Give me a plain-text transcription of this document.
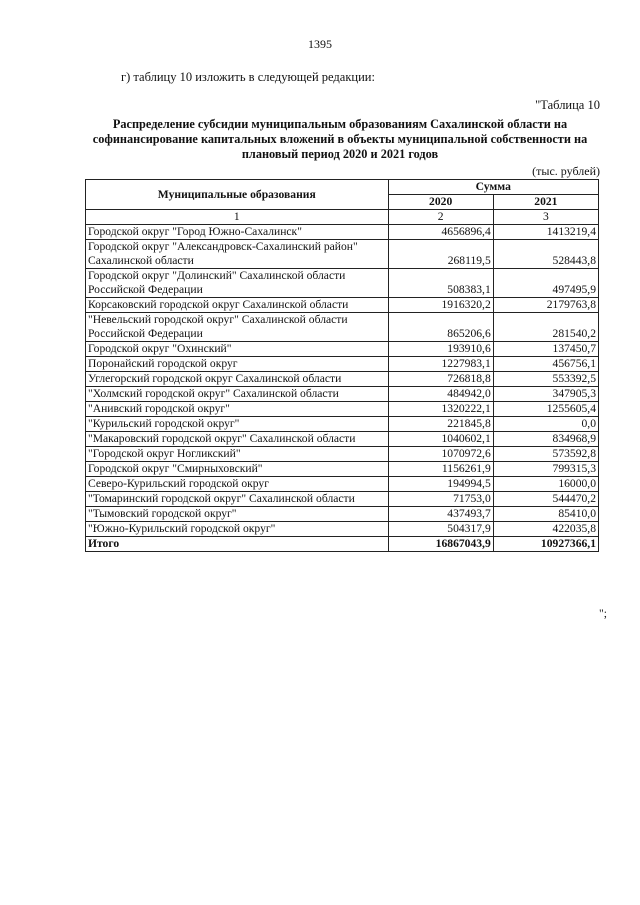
1395
г) таблицу 10 изложить в следующей редакции:
"Таблица 10
Распределение субсидии муниципальным образованиям Сахалинской области на софинансирование капитальных вложений в объекты муниципальной собственности на плановый период 2020 и 2021 годов
(тыс. рублей)
Муниципальные образования	Сумма	
	2020	2021
1	2	3
Городской округ "Город Южно-Сахалинск"	4656896,4	1413219,4
Городской округ "Александровск-Сахалинский район" Сахалинской области	268119,5	528443,8
Городской округ "Долинский" Сахалинской области Российской Федерации	508383,1	497495,9
Корсаковский городской округ Сахалинской области	1916320,2	2179763,8
"Невельский городской округ" Сахалинской области Российской Федерации	865206,6	281540,2
Городской округ "Охинский"	193910,6	137450,7
Поронайский городской округ	1227983,1	456756,1
Углегорский городской округ Сахалинской области	726818,8	553392,5
"Холмский городской округ" Сахалинской области	484942,0	347905,3
"Анивский городской округ"	1320222,1	1255605,4
"Курильский городской округ"	221845,8	0,0
"Макаровский городской округ" Сахалинской области	1040602,1	834968,9
"Городской округ Ногликский"	1070972,6	573592,8
Городской округ "Смирныховский"	1156261,9	799315,3
Северо-Курильский городской округ	194994,5	16000,0
"Томаринский городской округ" Сахалинской области	71753,0	544470,2
"Тымовский городской округ"	437493,7	85410,0
"Южно-Курильский городской округ"	504317,9	422035,8
Итого	16867043,9	10927366,1
";
